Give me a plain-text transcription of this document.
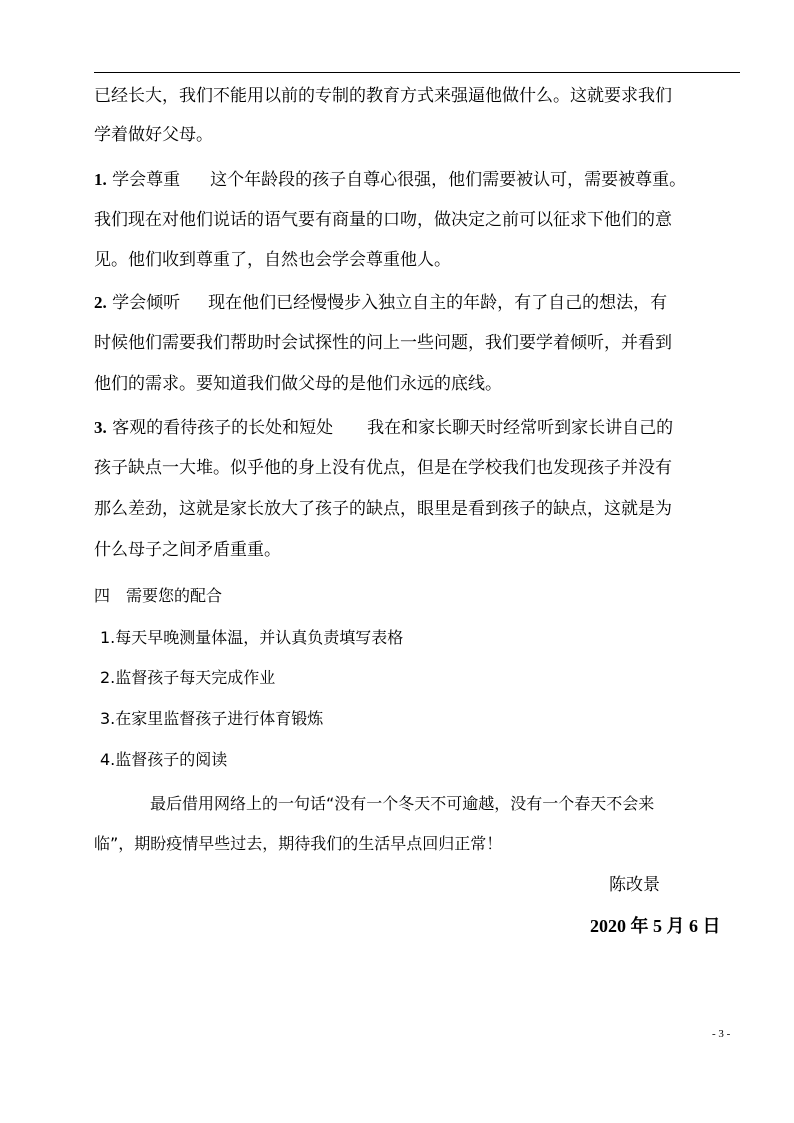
已经长大，我们不能用以前的专制的教育方式来强逼他做什么。这就要求我们
学着做好父母。
1. 学会尊重 这个年龄段的孩子自尊心很强，他们需要被认可，需要被尊重。
我们现在对他们说话的语气要有商量的口吻，做决定之前可以征求下他们的意
见。他们收到尊重了，自然也会学会尊重他人。
2. 学会倾听 现在他们已经慢慢步入独立自主的年龄，有了自己的想法，有
时候他们需要我们帮助时会试探性的问上一些问题，我们要学着倾听，并看到
他们的需求。要知道我们做父母的是他们永远的底线。
3. 客观的看待孩子的长处和短处 我在和家长聊天时经常听到家长讲自己的
孩子缺点一大堆。似乎他的身上没有优点，但是在学校我们也发现孩子并没有
那么差劲，这就是家长放大了孩子的缺点，眼里是看到孩子的缺点，这就是为
什么母子之间矛盾重重。
四　需要您的配合
1.每天早晚测量体温，并认真负责填写表格
2.监督孩子每天完成作业
3.在家里监督孩子进行体育锻炼
4.监督孩子的阅读
最后借用网络上的一句话“没有一个冬天不可逾越，没有一个春天不会来
临”，期盼疫情早些过去，期待我们的生活早点回归正常！
陈改景
2020 年 5 月 6 日
- 3 -
